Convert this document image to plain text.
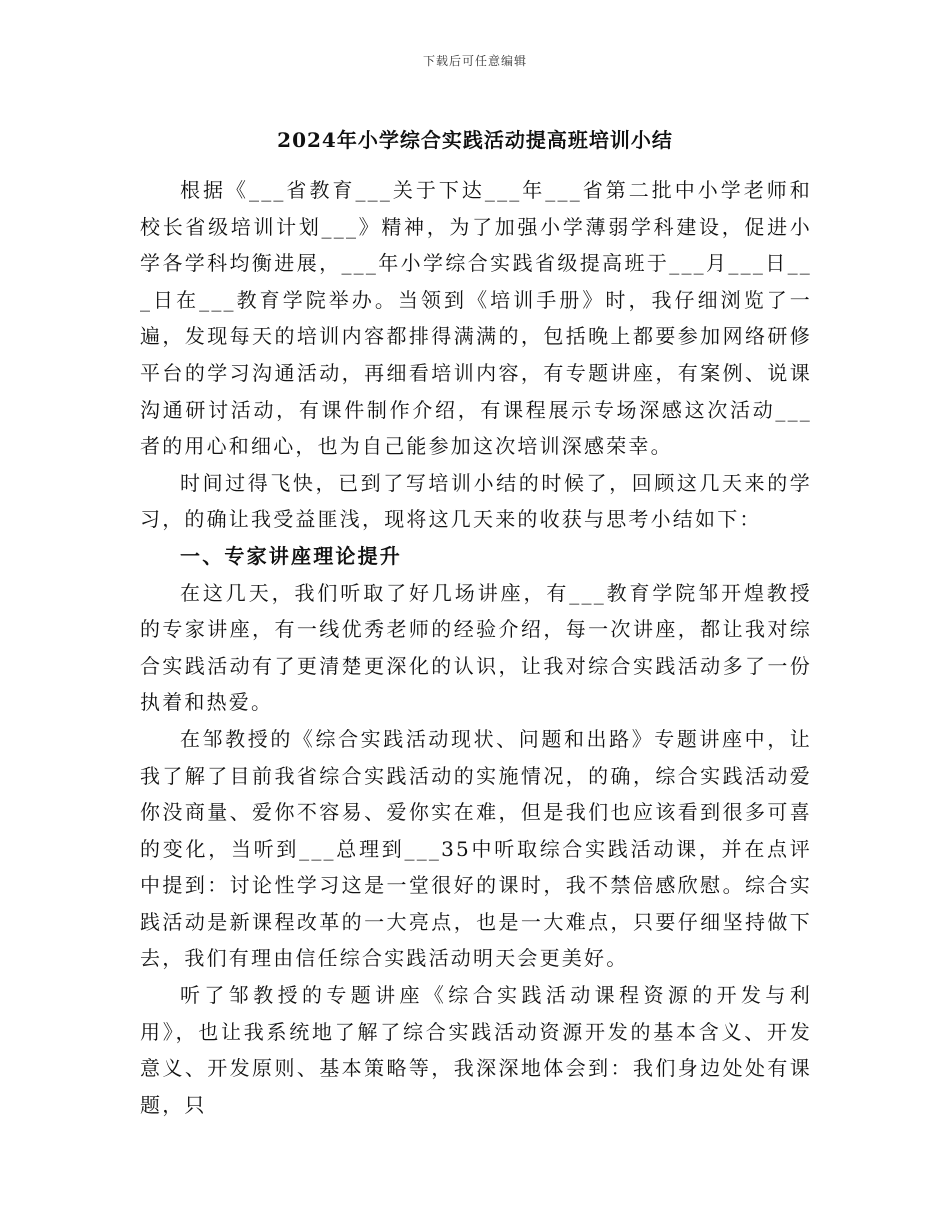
下载后可任意编辑
2024年小学综合实践活动提高班培训小结

根据《___省教育___关于下达___年___省第二批中小学老师和校长省级培训计划___》精神，为了加强小学薄弱学科建设，促进小学各学科均衡进展，___年小学综合实践省级提高班于___月___日___日在___教育学院举办。当领到《培训手册》时，我仔细浏览了一遍，发现每天的培训内容都排得满满的，包括晚上都要参加网络研修平台的学习沟通活动，再细看培训内容，有专题讲座，有案例、说课沟通研讨活动，有课件制作介绍，有课程展示专场深感这次活动___者的用心和细心，也为自己能参加这次培训深感荣幸。

时间过得飞快，已到了写培训小结的时候了，回顾这几天来的学习，的确让我受益匪浅，现将这几天来的收获与思考小结如下：

一、专家讲座理论提升

在这几天，我们听取了好几场讲座，有___教育学院邹开煌教授的专家讲座，有一线优秀老师的经验介绍，每一次讲座，都让我对综合实践活动有了更清楚更深化的认识，让我对综合实践活动多了一份执着和热爱。

在邹教授的《综合实践活动现状、问题和出路》专题讲座中，让我了解了目前我省综合实践活动的实施情况，的确，综合实践活动爱你没商量、爱你不容易、爱你实在难，但是我们也应该看到很多可喜的变化，当听到___总理到___35中听取综合实践活动课，并在点评中提到：讨论性学习这是一堂很好的课时，我不禁倍感欣慰。综合实践活动是新课程改革的一大亮点，也是一大难点，只要仔细坚持做下去，我们有理由信任综合实践活动明天会更美好。

听了邹教授的专题讲座《综合实践活动课程资源的开发与利用》，也让我系统地了解了综合实践活动资源开发的基本含义、开发意义、开发原则、基本策略等，我深深地体会到：我们身边处处有课题，只
